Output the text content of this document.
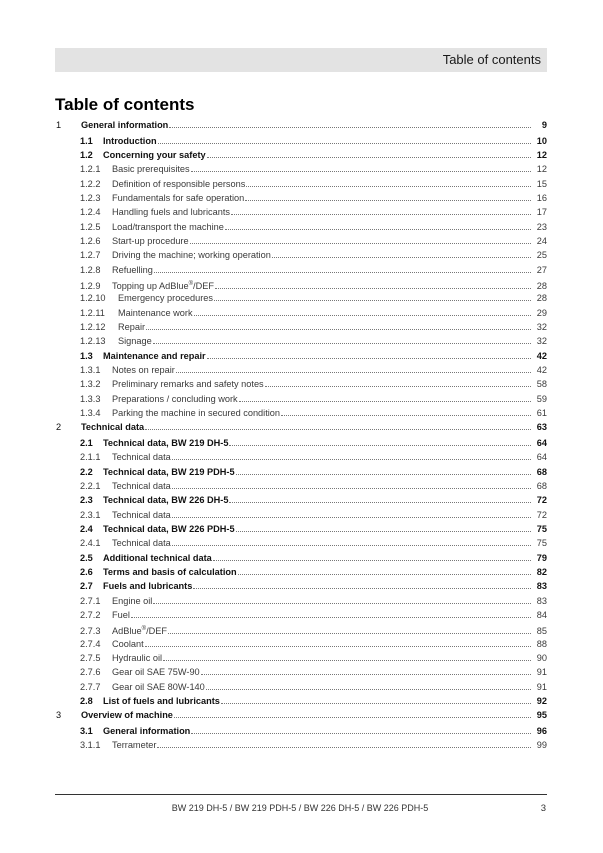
Table of contents
Table of contents
1	General information	9
1.1	Introduction	10
1.2	Concerning your safety	12
1.2.1	Basic prerequisites	12
1.2.2	Definition of responsible persons	15
1.2.3	Fundamentals for safe operation	16
1.2.4	Handling fuels and lubricants	17
1.2.5	Load/transport the machine	23
1.2.6	Start-up procedure	24
1.2.7	Driving the machine; working operation	25
1.2.8	Refuelling	27
1.2.9	Topping up AdBlue®/DEF	28
1.2.10	Emergency procedures	28
1.2.11	Maintenance work	29
1.2.12	Repair	32
1.2.13	Signage	32
1.3	Maintenance and repair	42
1.3.1	Notes on repair	42
1.3.2	Preliminary remarks and safety notes	58
1.3.3	Preparations / concluding work	59
1.3.4	Parking the machine in secured condition	61
2	Technical data	63
2.1	Technical data, BW 219 DH-5	64
2.1.1	Technical data	64
2.2	Technical data, BW 219 PDH-5	68
2.2.1	Technical data	68
2.3	Technical data, BW 226 DH-5	72
2.3.1	Technical data	72
2.4	Technical data, BW 226 PDH-5	75
2.4.1	Technical data	75
2.5	Additional technical data	79
2.6	Terms and basis of calculation	82
2.7	Fuels and lubricants	83
2.7.1	Engine oil	83
2.7.2	Fuel	84
2.7.3	AdBlue®/DEF	85
2.7.4	Coolant	88
2.7.5	Hydraulic oil	90
2.7.6	Gear oil SAE 75W-90	91
2.7.7	Gear oil SAE 80W-140	91
2.8	List of fuels and lubricants	92
3	Overview of machine	95
3.1	General information	96
3.1.1	Terrameter	99
BW 219 DH-5 / BW 219 PDH-5 / BW 226 DH-5 / BW 226 PDH-5	3
